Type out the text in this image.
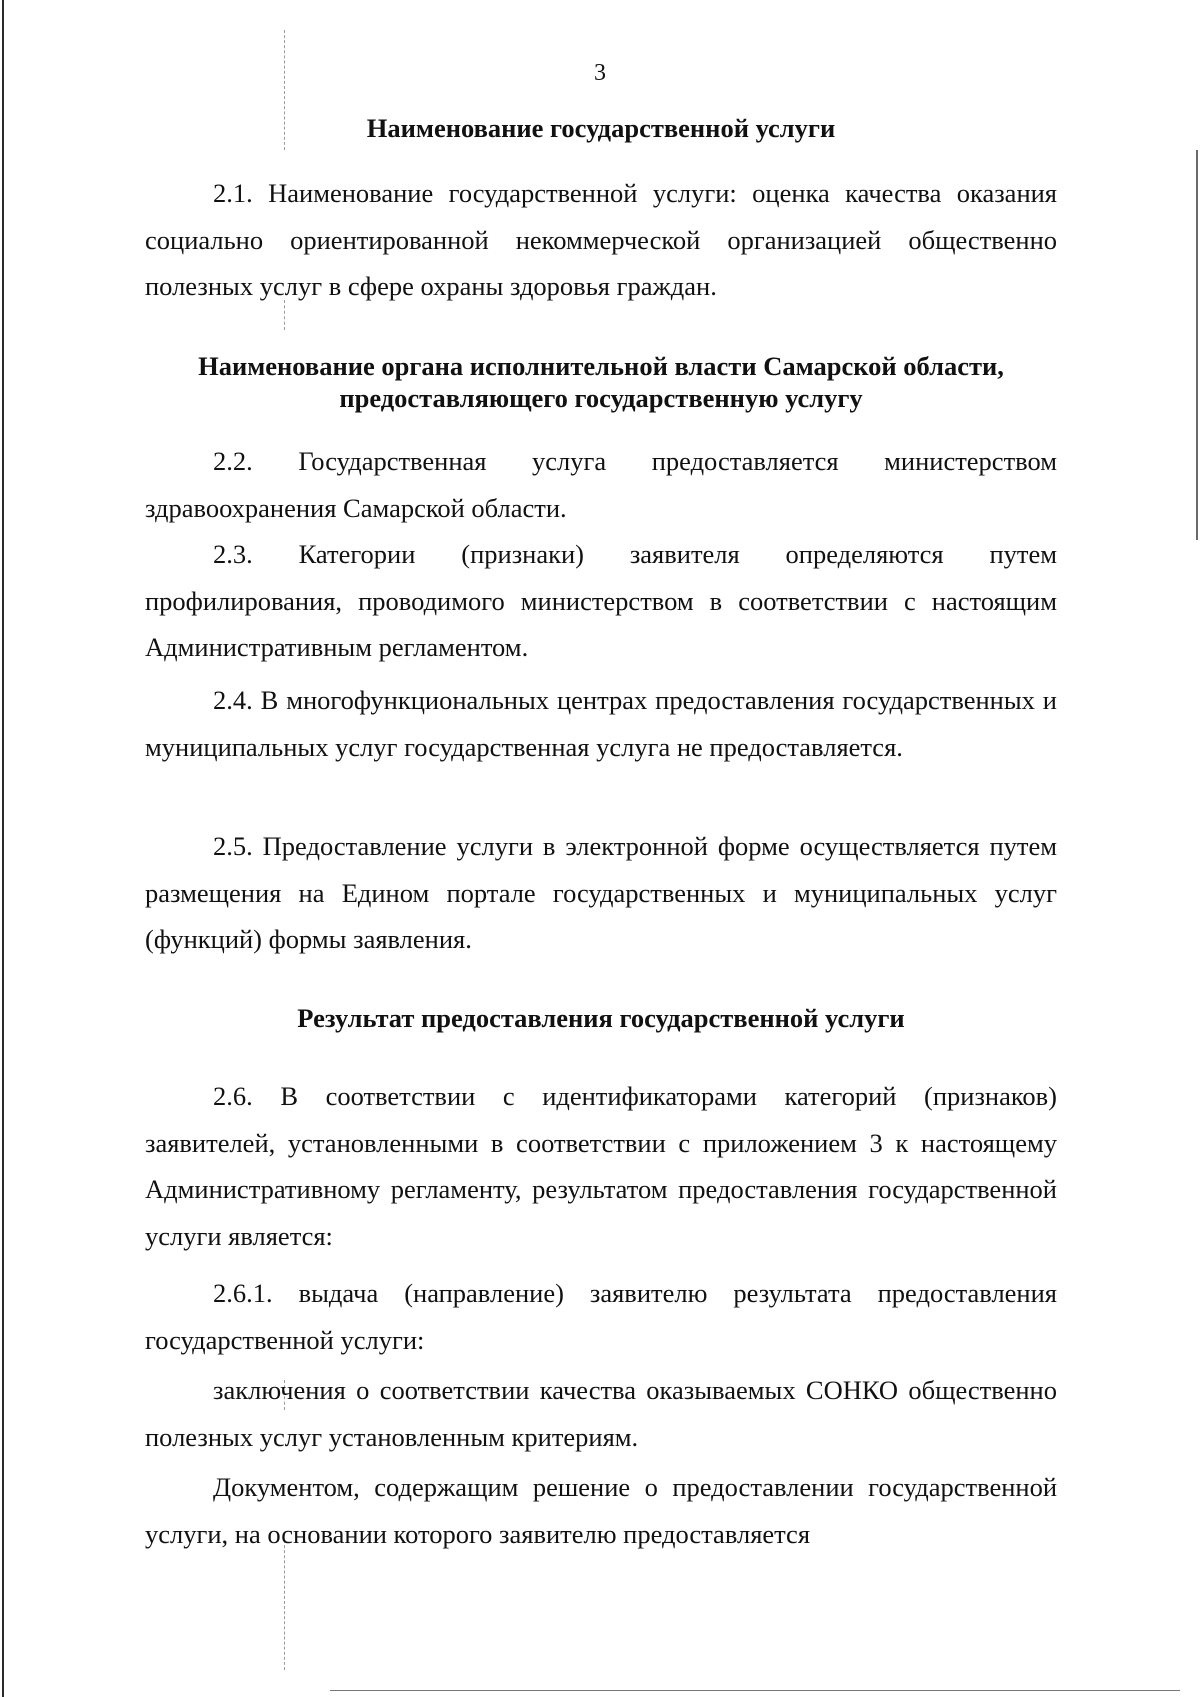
3
Наименование государственной услуги
2.1. Наименование государственной услуги: оценка качества оказания социально ориентированной некоммерческой организацией общественно полезных услуг в сфере охраны здоровья граждан.
Наименование органа исполнительной власти Самарской области,
предоставляющего государственную услугу
2.2. Государственная услуга предоставляется министерством здравоохранения Самарской области.
2.3. Категории (признаки) заявителя определяются путем профилирования, проводимого министерством в соответствии с настоящим Административным регламентом.
2.4. В многофункциональных центрах предоставления государственных и муниципальных услуг государственная услуга не предоставляется.
2.5. Предоставление услуги в электронной форме осуществляется путем размещения на Едином портале государственных и муниципальных услуг (функций) формы заявления.
Результат предоставления государственной услуги
2.6. В соответствии с идентификаторами категорий (признаков) заявителей, установленными в соответствии с приложением 3 к настоящему Административному регламенту, результатом предоставления государственной услуги является:
2.6.1. выдача (направление) заявителю результата предоставления государственной услуги:
заключения о соответствии качества оказываемых СОНКО общественно полезных услуг установленным критериям.
Документом, содержащим решение о предоставлении государственной услуги, на основании которого заявителю предоставляется
